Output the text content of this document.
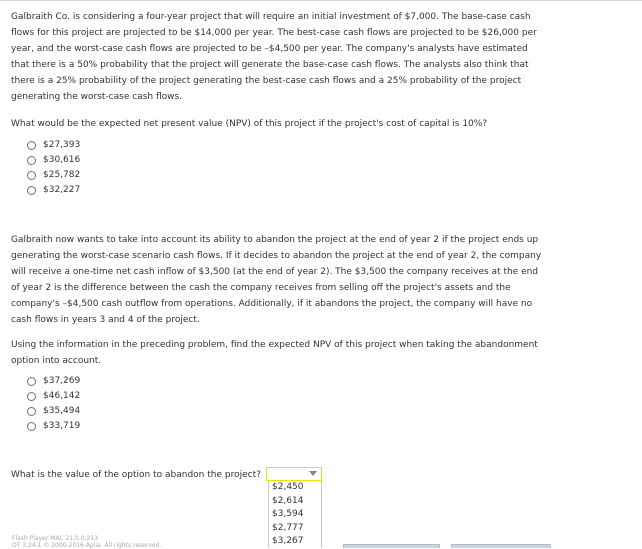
Galbraith Co. is considering a four-year project that will require an initial investment of $7,000. The base-case cash flows for this project are projected to be $14,000 per year. The best-case cash flows are projected to be $26,000 per year, and the worst-case cash flows are projected to be –$4,500 per year. The company's analysts have estimated that there is a 50% probability that the project will generate the base-case cash flows. The analysts also think that there is a 25% probability of the project generating the best-case cash flows and a 25% probability of the project generating the worst-case cash flows.

What would be the expected net present value (NPV) of this project if the project's cost of capital is 10%?

$27,393
$30,616
$25,782
$32,227

Galbraith now wants to take into account its ability to abandon the project at the end of year 2 if the project ends up generating the worst-case scenario cash flows. If it decides to abandon the project at the end of year 2, the company will receive a one-time net cash inflow of $3,500 (at the end of year 2). The $3,500 the company receives at the end of year 2 is the difference between the cash the company receives from selling off the project's assets and the company's –$4,500 cash outflow from operations. Additionally, if it abandons the project, the company will have no cash flows in years 3 and 4 of the project.

Using the information in the preceding problem, find the expected NPV of this project when taking the abandonment option into account.

$37,269
$46,142
$35,494
$33,719

What is the value of the option to abandon the project?

$2,450
$2,614
$3,594
$2,777
$3,267
Flash Player MAC 21,0,0,213
OT 3.24.1 © 2000-2016 Aplia. All rights reserved.
